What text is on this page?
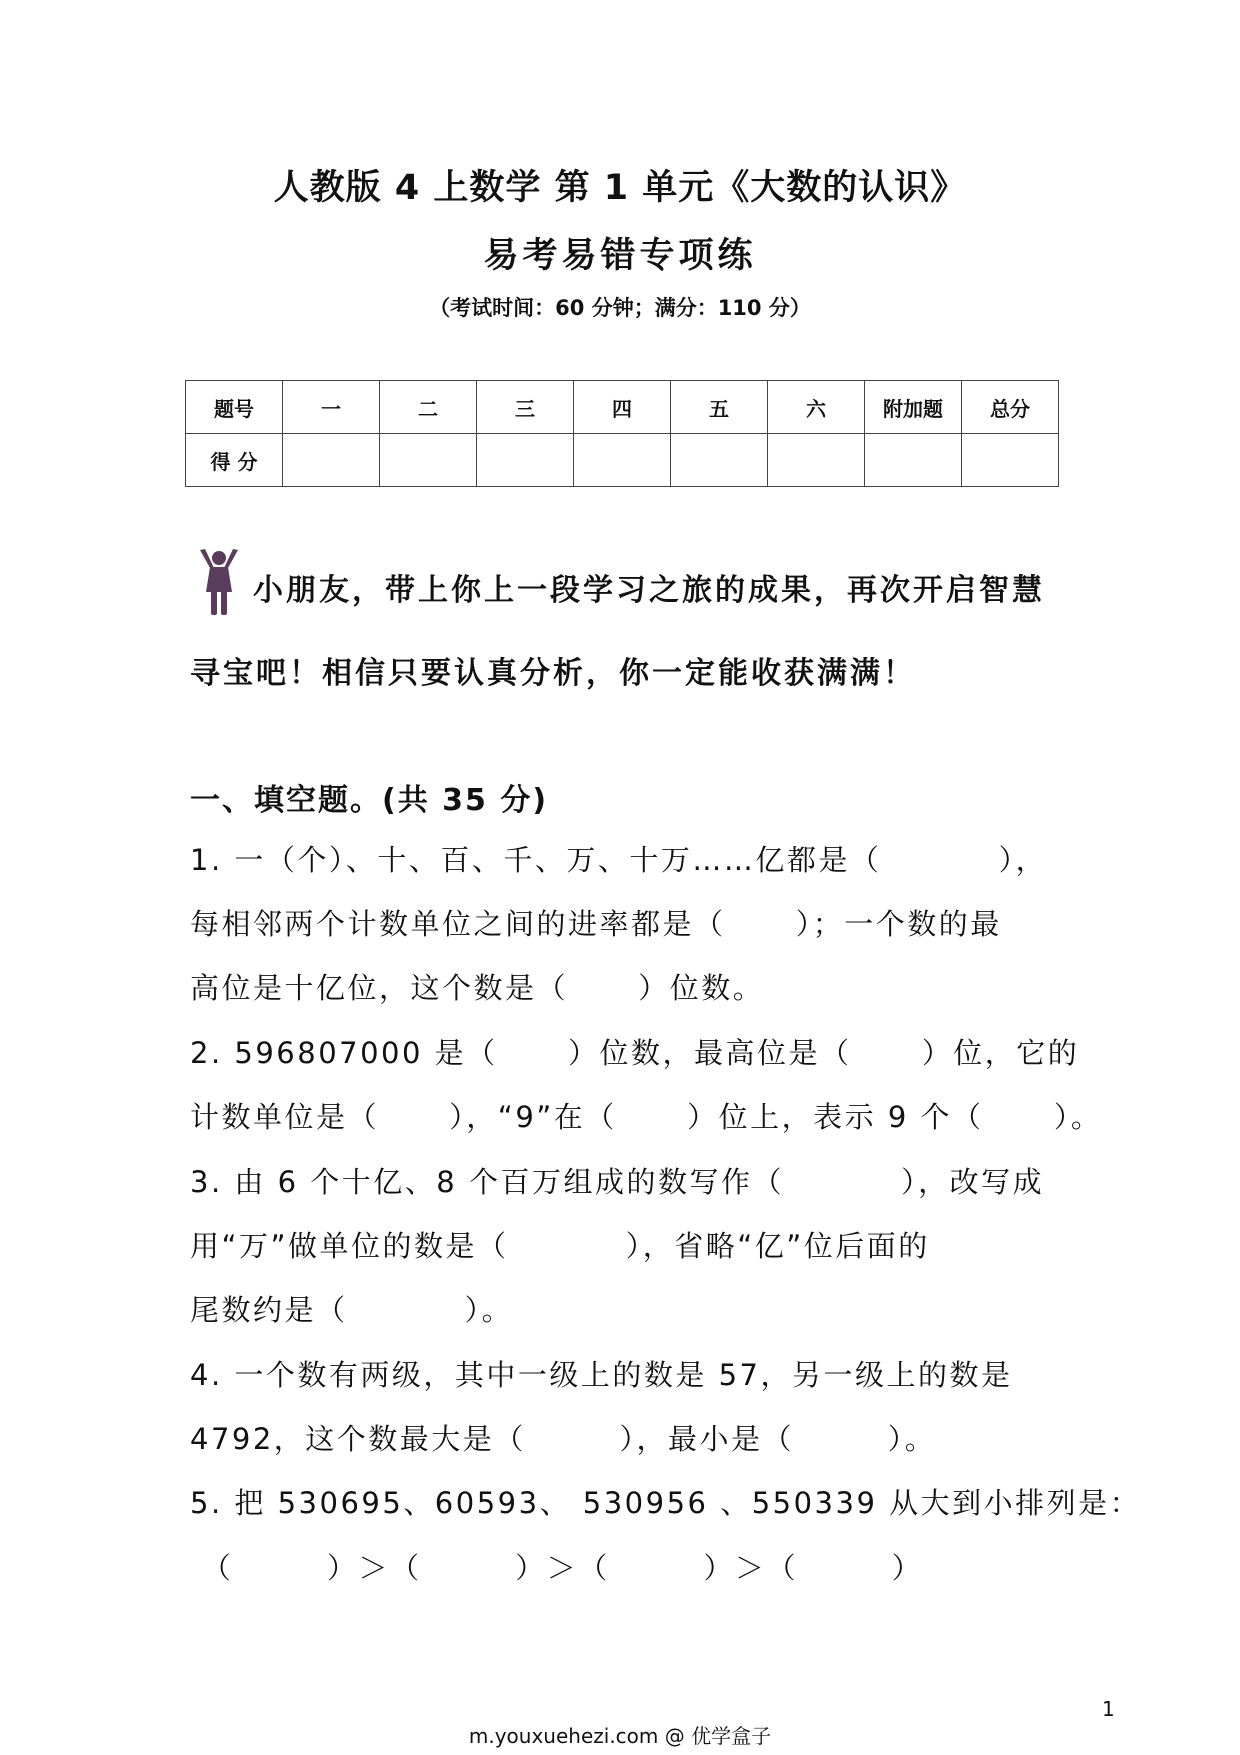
人教版 4 上数学 第 1 单元《大数的认识》
易考易错专项练
（考试时间：60 分钟；满分：110 分）
题号	一	二	三	四	五	六	附加题	总分
得 分								
小朋友，带上你上一段学习之旅的成果，再次开启智慧
寻宝吧！相信只要认真分析，你一定能收获满满！
一、填空题。(共 35 分)
1. 一（个）、十、百、千、万、十万……亿都是（          ），
每相邻两个计数单位之间的进率都是（      ）；一个数的最
高位是十亿位，这个数是（      ）位数。
2. 596807000 是（      ）位数，最高位是（      ）位，它的
计数单位是（      ），“9”在（      ）位上，表示 9 个（      ）。
3. 由 6 个十亿、8 个百万组成的数写作（          ），改写成
用“万”做单位的数是（          ），省略“亿”位后面的
尾数约是（          ）。
4. 一个数有两级，其中一级上的数是 57，另一级上的数是
4792，这个数最大是（        ），最小是（        ）。
5. 把 530695、60593、 530956 、550339 从大到小排列是：
（        ）＞（        ）＞（        ）＞（        ）
1
m.youxuehezi.com @ 优学盒子
